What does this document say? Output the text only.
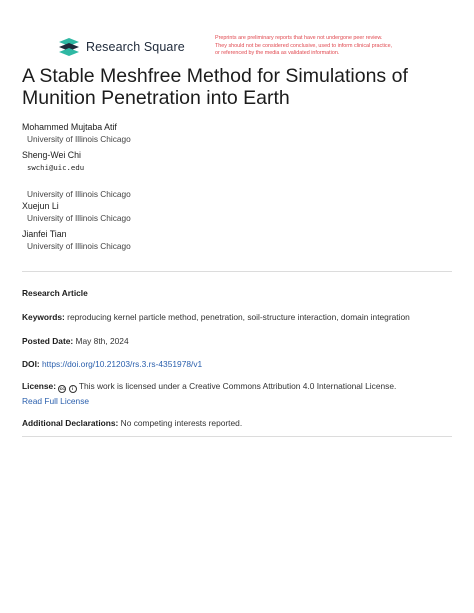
Research Square
Preprints are preliminary reports that have not undergone peer review.
They should not be considered conclusive, used to inform clinical practice,
or referenced by the media as validated information.
A Stable Meshfree Method for Simulations of Munition Penetration into Earth
Mohammed Mujtaba Atif
University of Illinois Chicago
Sheng-Wei Chi
swchi@uic.edu
University of Illinois Chicago
Xuejun Li
University of Illinois Chicago
Jianfei Tian
University of Illinois Chicago
Research Article
Keywords: reproducing kernel particle method, penetration, soil-structure interaction, domain integration
Posted Date: May 8th, 2024
DOI: https://doi.org/10.21203/rs.3.rs-4351978/v1
License: cc i This work is licensed under a Creative Commons Attribution 4.0 International License.
Read Full License
Additional Declarations: No competing interests reported.
